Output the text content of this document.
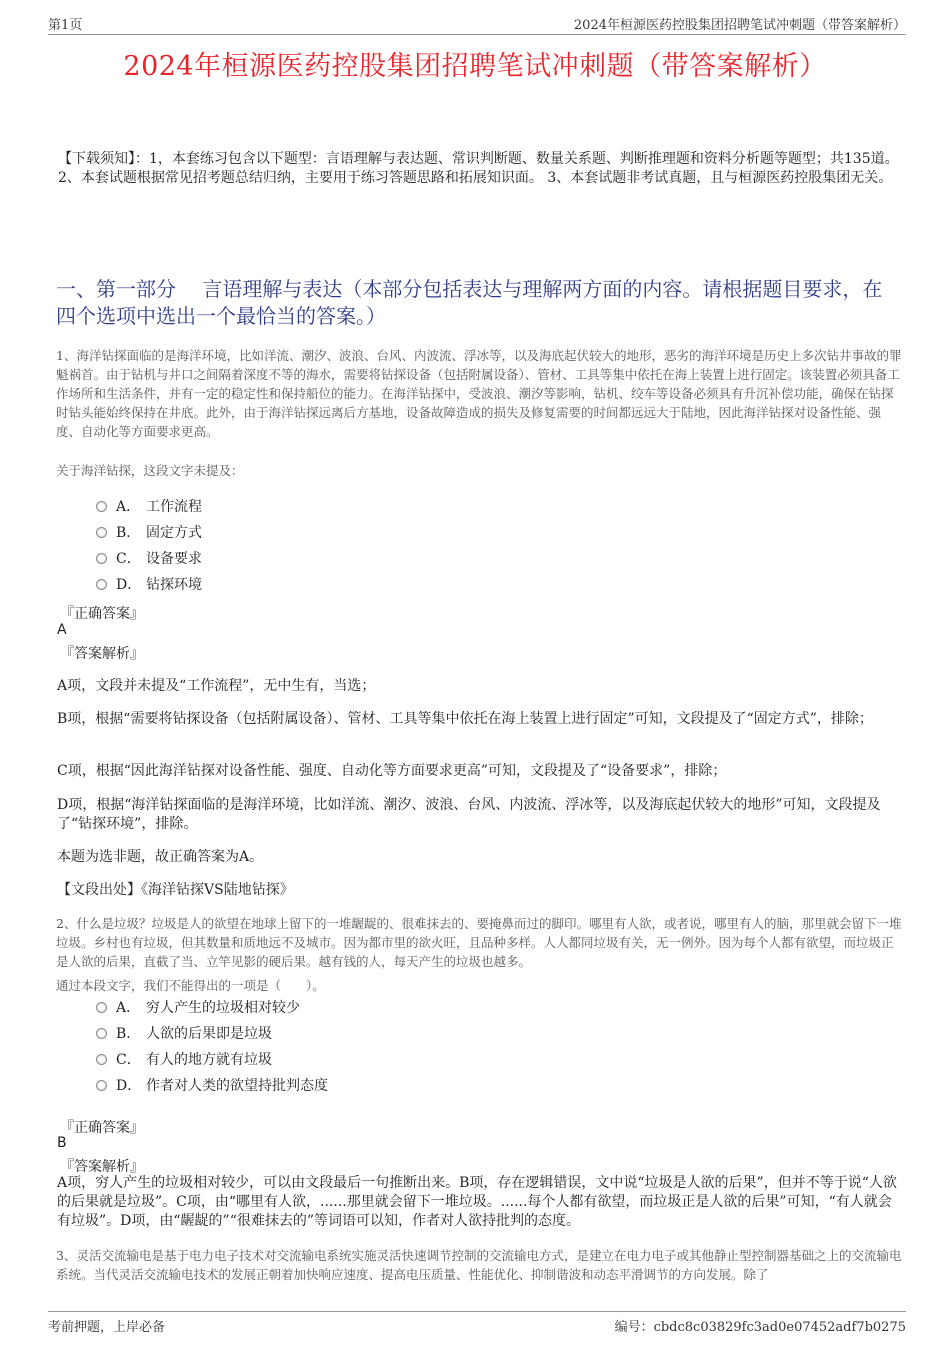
第1页	2024年桓源医药控股集团招聘笔试冲刺题（带答案解析）
2024年桓源医药控股集团招聘笔试冲刺题（带答案解析）
【下载须知】：1，本套练习包含以下题型：言语理解与表达题、常识判断题、数量关系题、判断推理题和资料分析题等题型；共135道。 2、本套试题根据常见招考题总结归纳，主要用于练习答题思路和拓展知识面。 3、本套试题非考试真题，且与桓源医药控股集团无关。
一、第一部分　 言语理解与表达（本部分包括表达与理解两方面的内容。请根据题目要求，在四个选项中选出一个最恰当的答案。）
1、海洋钻探面临的是海洋环境，比如洋流、潮汐、波浪、台风、内波流、浮冰等，以及海底起伏较大的地形，恶劣的海洋环境是历史上多次钻井事故的罪魁祸首。由于钻机与井口之间隔着深度不等的海水，需要将钻探设备（包括附属设备）、管材、工具等集中依托在海上装置上进行固定。该装置必须具备工作场所和生活条件，并有一定的稳定性和保持船位的能力。在海洋钻探中，受波浪、潮汐等影响，钻机、绞车等设备必须具有升沉补偿功能，确保在钻探时钻头能始终保持在井底。此外，由于海洋钻探远离后方基地，设备故障造成的损失及修复需要的时间都远远大于陆地，因此海洋钻探对设备性能、强度、自动化等方面要求更高。
关于海洋钻探，这段文字未提及：
A． 工作流程
B． 固定方式
C． 设备要求
D． 钻探环境
『正确答案』
A
『答案解析』
A项，文段并未提及“工作流程”，无中生有，当选；
B项，根据“需要将钻探设备（包括附属设备）、管材、工具等集中依托在海上装置上进行固定”可知，文段提及了“固定方式”，排除；
C项，根据“因此海洋钻探对设备性能、强度、自动化等方面要求更高”可知，文段提及了“设备要求”，排除；
D项，根据“海洋钻探面临的是海洋环境，比如洋流、潮汐、波浪、台风、内波流、浮冰等，以及海底起伏较大的地形”可知，文段提及了“钻探环境”，排除。
本题为选非题，故正确答案为A。
【文段出处】《海洋钻探VS陆地钻探》
2、什么是垃圾？垃圾是人的欲望在地球上留下的一堆龌龊的、很难抹去的、要掩鼻而过的脚印。哪里有人欲，或者说，哪里有人的脑，那里就会留下一堆垃圾。乡村也有垃圾，但其数量和质地远不及城市。因为都市里的欲火旺，且品种多样。人人都同垃圾有关，无一例外。因为每个人都有欲望，而垃圾正是人欲的后果，直截了当、立竿见影的硬后果。越有钱的人，每天产生的垃圾也越多。
通过本段文字，我们不能得出的一项是（　　）。
A． 穷人产生的垃圾相对较少
B． 人欲的后果即是垃圾
C． 有人的地方就有垃圾
D． 作者对人类的欲望持批判态度
『正确答案』
B
『答案解析』
A项，穷人产生的垃圾相对较少，可以由文段最后一句推断出来。B项，存在逻辑错误，文中说“垃圾是人欲的后果”，但并不等于说“人欲的后果就是垃圾”。C项，由“哪里有人欲，......那里就会留下一堆垃圾。......每个人都有欲望，而垃圾正是人欲的后果”可知，“有人就会有垃圾”。D项，由“龌龊的”“很难抹去的”等词语可以知，作者对人欲持批判的态度。
3、灵活交流输电是基于电力电子技术对交流输电系统实施灵活快速调节控制的交流输电方式，是建立在电力电子或其他静止型控制器基础之上的交流输电系统。当代灵活交流输电技术的发展正朝着加快响应速度、提高电压质量、性能优化、抑制谐波和动态平滑调节的方向发展。除了
考前押题，上岸必备	编号：cbdc8c03829fc3ad0e07452adf7b0275
